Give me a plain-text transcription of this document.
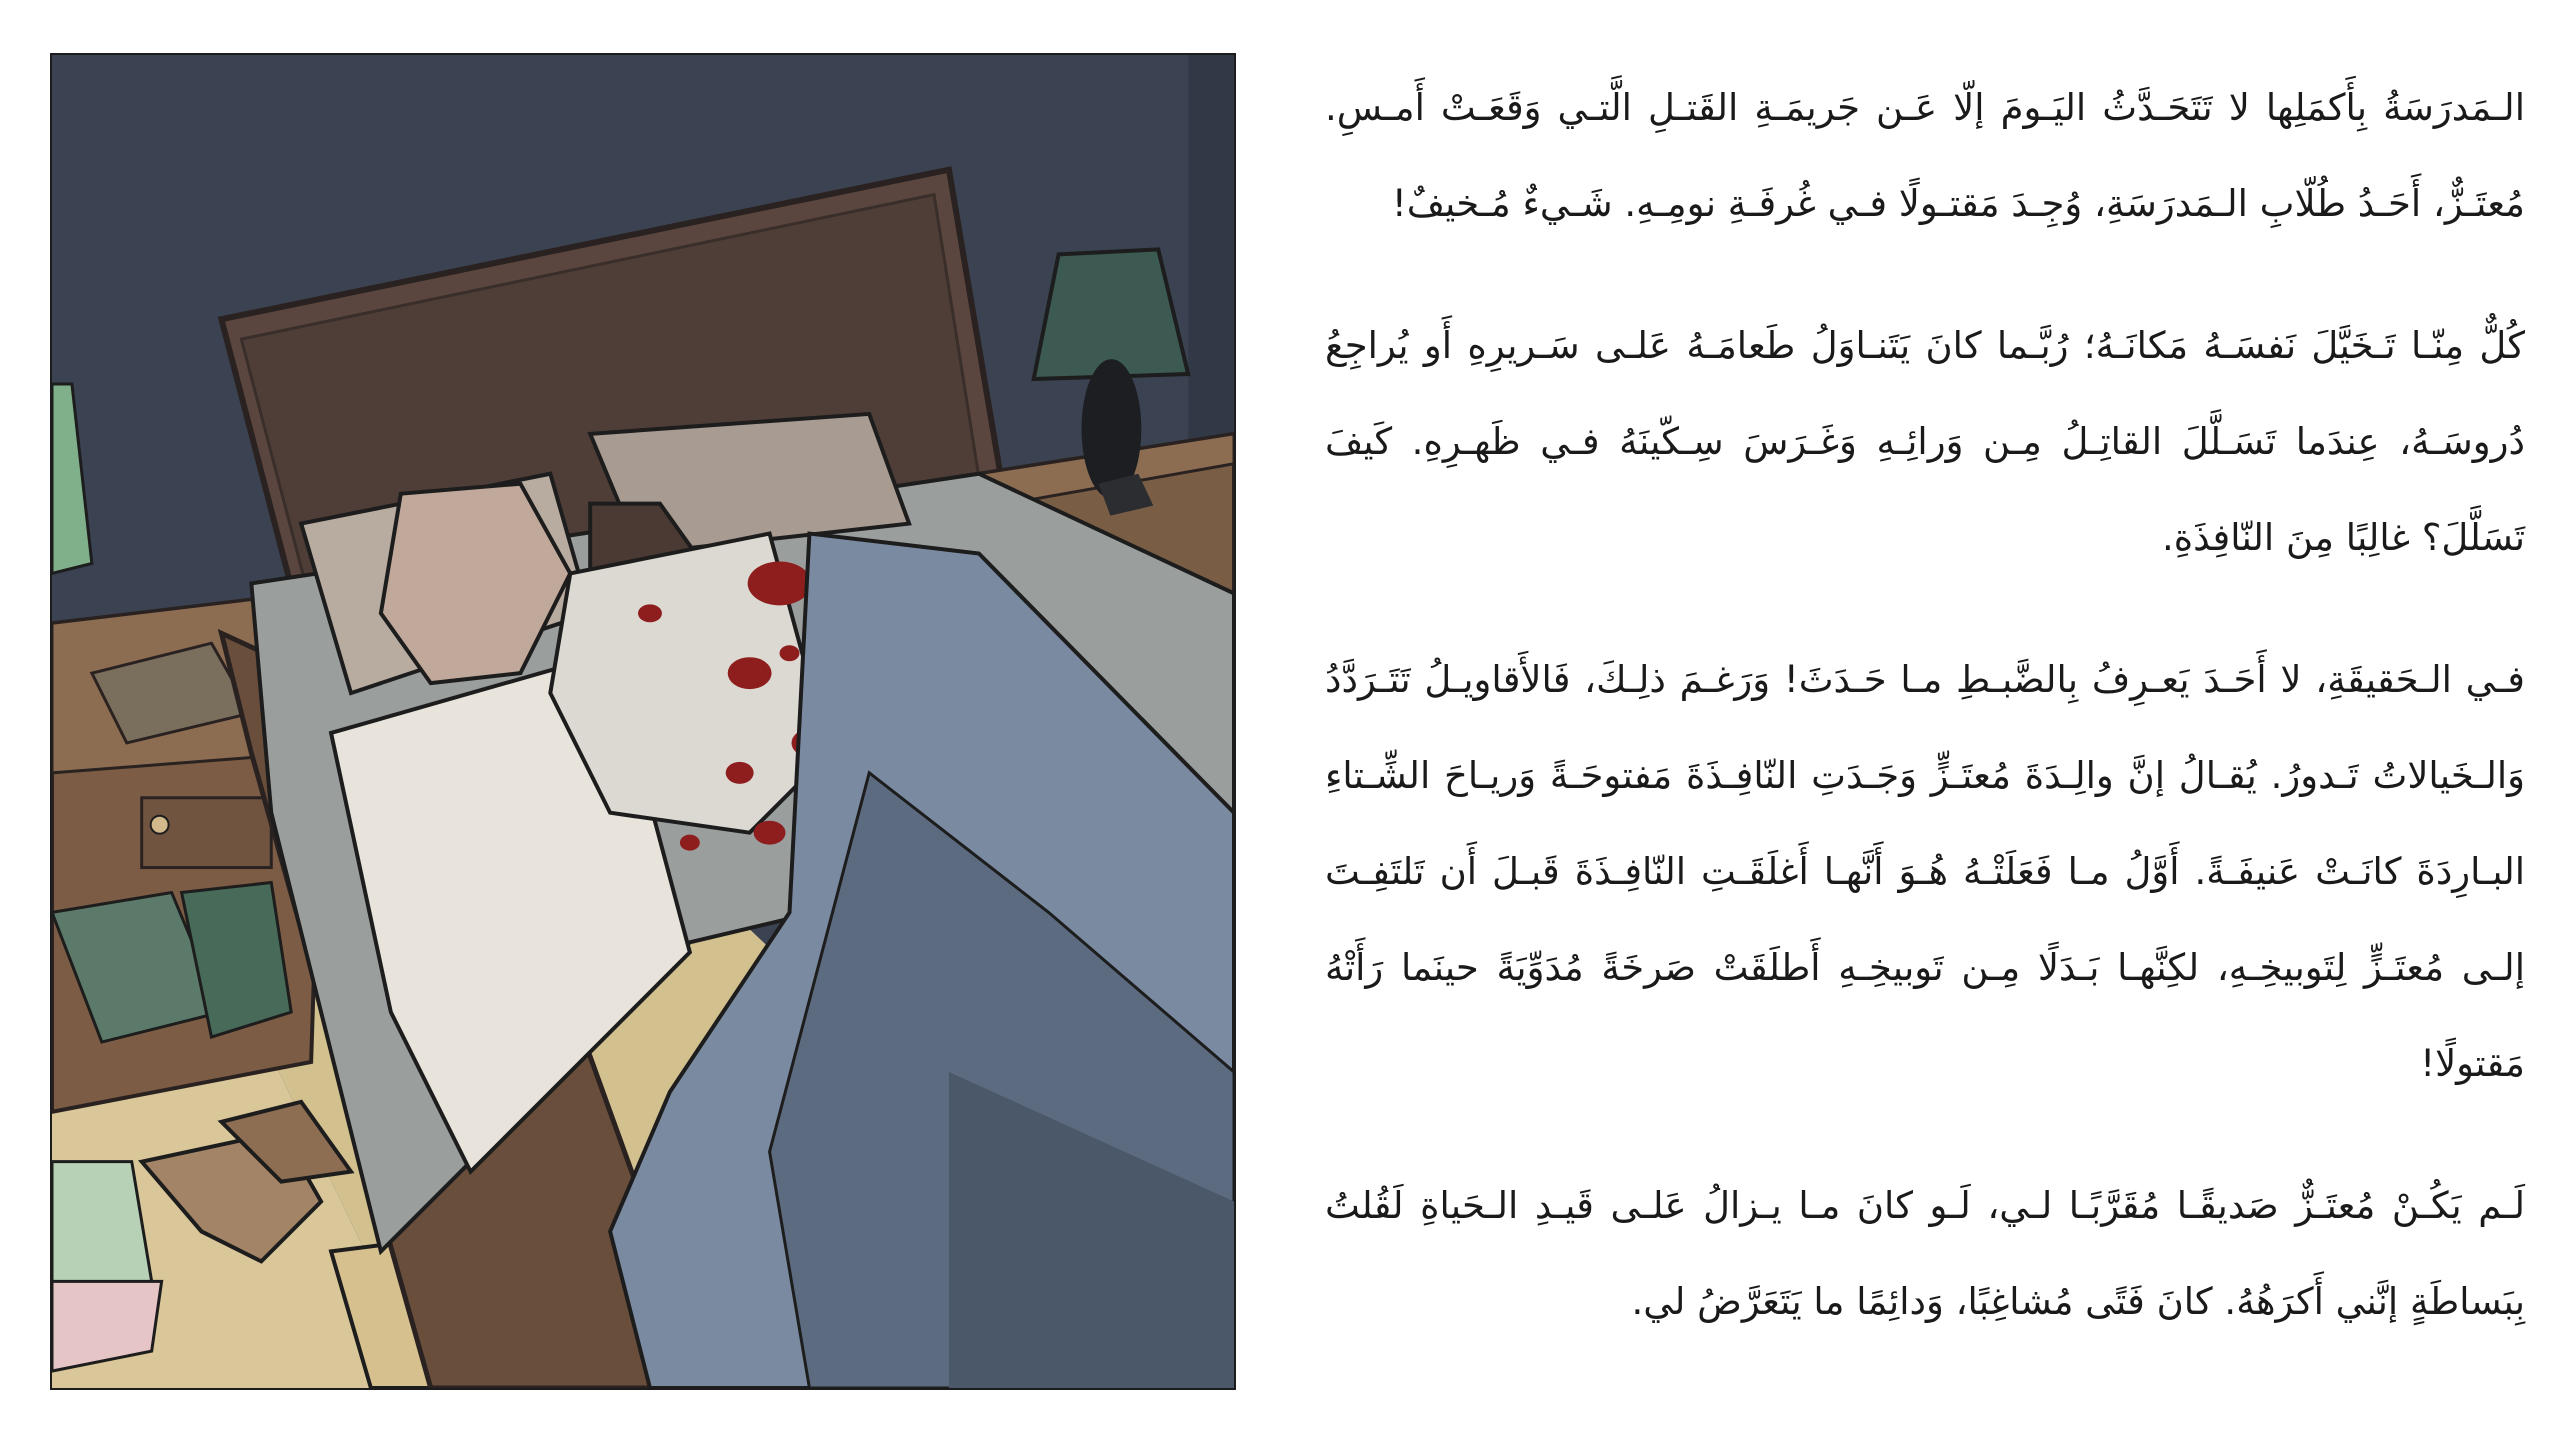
الـمَدرَسَةُ بِأَكمَلِها لا تَتَحَـدَّثُ اليَـومَ إلّا عَـن جَريمَـةِ القَتـلِ الَّتـي وَقَعَـتْ أَمـسِ. مُعتَـزٌّ، أَحَـدُ طُلّابِ الـمَدرَسَةِ، وُجِـدَ مَقتـولًا فـي غُرفَـةِ نومِـهِ. شَـيءٌ مُـخيفٌ!

كُلٌّ مِنّـا تَـخَيَّلَ نَفسَـهُ مَكانَـهُ؛ رُبَّـما كانَ يَتَنـاوَلُ طَعامَـهُ عَلـى سَـريرِهِ أَو يُراجِعُ دُروسَـهُ، عِندَما تَسَـلَّلَ القاتِـلُ مِـن وَرائِـهِ وَغَـرَسَ سِـكّينَهُ فـي ظَهـرِهِ. كَيفَ تَسَلَّلَ؟ غالِبًا مِنَ النّافِذَةِ.

فـي الـحَقيقَةِ، لا أَحَـدَ يَعـرِفُ بِالضَّبـطِ مـا حَـدَثَ! وَرَغـمَ ذلِـكَ، فَالأَقاويـلُ تَتَـرَدَّدُ وَالـخَيالاتُ تَـدورُ. يُقـالُ إنَّ والِـدَةَ مُعتَـزٍّ وَجَـدَتِ النّافِـذَةَ مَفتوحَـةً وَريـاحَ الشِّـتاءِ البـارِدَةَ كانَـتْ عَنيفَـةً. أَوَّلُ مـا فَعَلَتْـهُ هُـوَ أَنَّهـا أَغلَقَـتِ النّافِـذَةَ قَبـلَ أَن تَلتَفِـتَ إلـى مُعتَـزٍّ لِتَوبيخِـهِ، لكِنَّهـا بَـدَلًا مِـن تَوبيخِـهِ أَطلَقَتْ صَرخَةً مُدَوِّيَةً حينَما رَأَتْهُ مَقتولًا!

لَـم يَكُـنْ مُعتَـزٌّ صَديقًـا مُقَرَّبًـا لـي، لَـو كانَ مـا يـزالُ عَلـى قَيـدِ الـحَياةِ لَقُلتُ بِبَساطَةٍ إنَّني أَكرَهُهُ. كانَ فَتًى مُشاغِبًا، وَدائِمًا ما يَتَعَرَّضُ لي.
